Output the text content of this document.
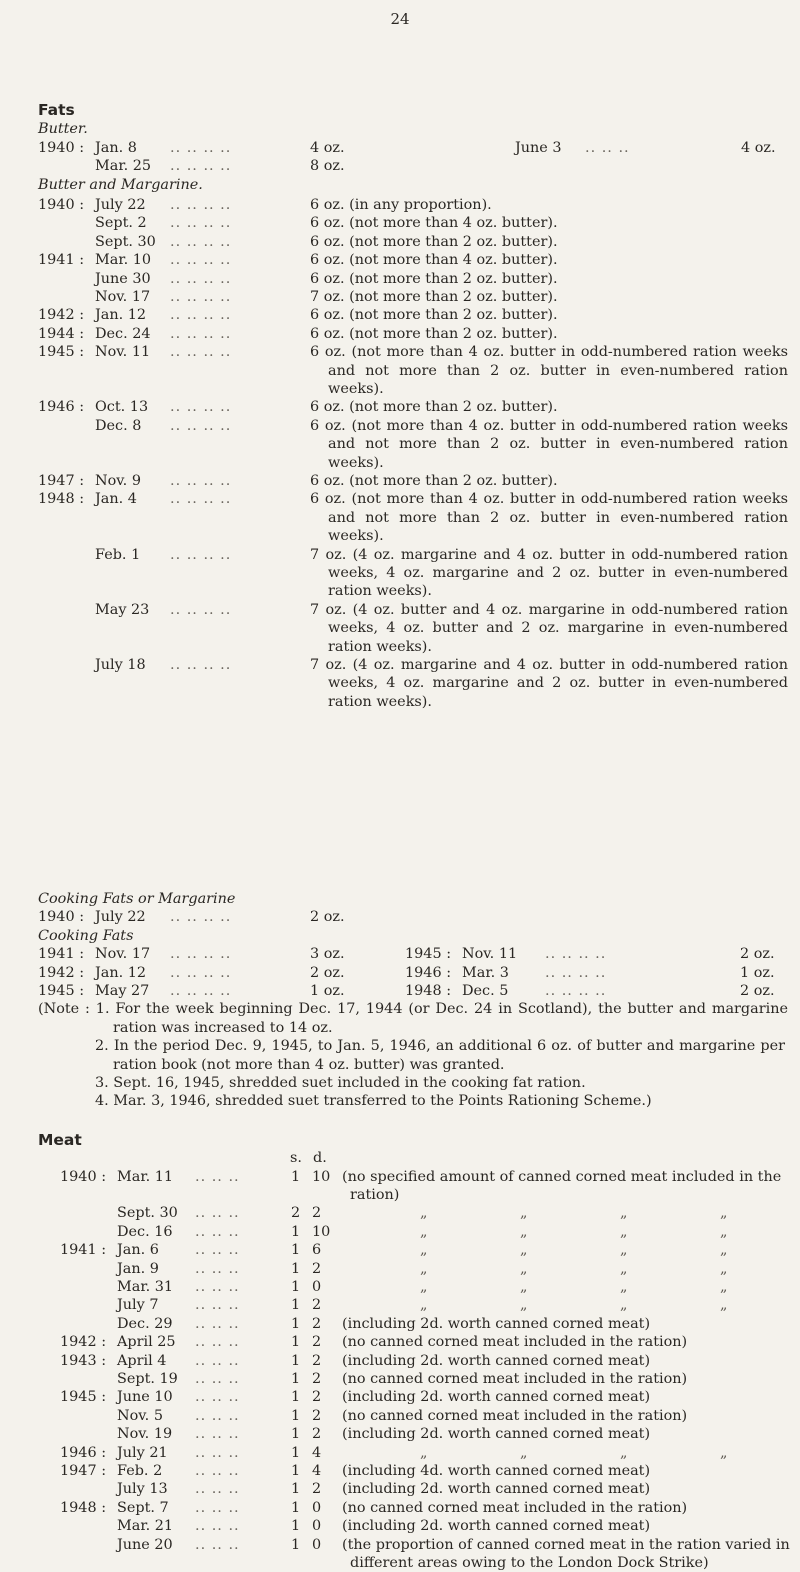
24
Fats
Butter.
1940 : Jan. 8 .. .. .. ..	4 oz.	June 3 .. .. ..	4 oz.
Mar. 25 .. .. .. ..	8 oz.
Butter and Margarine.
1940 : July 22 .. .. .. ..	6 oz. (in any proportion).
Sept. 2 .. .. .. ..	6 oz. (not more than 4 oz. butter).
Sept. 30 .. .. .. ..	6 oz. (not more than 2 oz. butter).
1941 : Mar. 10 .. .. .. ..	6 oz. (not more than 4 oz. butter).
June 30 .. .. .. ..	6 oz. (not more than 2 oz. butter).
Nov. 17 .. .. .. ..	7 oz. (not more than 2 oz. butter).
1942 : Jan. 12 .. .. .. ..	6 oz. (not more than 2 oz. butter).
1944 : Dec. 24 .. .. .. ..	6 oz. (not more than 2 oz. butter).
1945 : Nov. 11 .. .. .. ..	6 oz. (not more than 4 oz. butter in odd-numbered ration weeks and not more than 2 oz. butter in even-numbered ration weeks).
1946 : Oct. 13 .. .. .. ..	6 oz. (not more than 2 oz. butter).
Dec. 8 .. .. .. ..	6 oz. (not more than 4 oz. butter in odd-numbered ration weeks and not more than 2 oz. butter in even-numbered ration weeks).
1947 : Nov. 9 .. .. .. ..	6 oz. (not more than 2 oz. butter).
1948 : Jan. 4 .. .. .. ..	6 oz. (not more than 4 oz. butter in odd-numbered ration weeks and not more than 2 oz. butter in even-numbered ration weeks).
Feb. 1 .. .. .. ..	7 oz. (4 oz. margarine and 4 oz. butter in odd-numbered ration weeks, 4 oz. margarine and 2 oz. butter in even-numbered ration weeks).
May 23 .. .. .. ..	7 oz. (4 oz. butter and 4 oz. margarine in odd-numbered ration weeks, 4 oz. butter and 2 oz. margarine in even-numbered ration weeks).
July 18 .. .. .. ..	7 oz. (4 oz. margarine and 4 oz. butter in odd-numbered ration weeks, 4 oz. margarine and 2 oz. butter in even-numbered ration weeks).
Cooking Fats or Margarine
1940 : July 22 .. .. .. ..	2 oz.
Cooking Fats
1941 : Nov. 17 .. .. .. ..	3 oz.	1945 : Nov. 11 .. .. .. ..	2 oz.
1942 : Jan. 12 .. .. .. ..	2 oz.	1946 : Mar. 3	.. .. .. ..	1 oz.
1945 : May 27 .. .. .. ..	1 oz.	1948 : Dec. 5	.. .. .. ..	2 oz.
(Note : 1. For the week beginning Dec. 17, 1944 (or Dec. 24 in Scotland), the butter and margarine ration was increased to 14 oz.
2. In the period Dec. 9, 1945, to Jan. 5, 1946, an additional 6 oz. of butter and margarine per ration book (not more than 4 oz. butter) was granted.
3. Sept. 16, 1945, shredded suet included in the cooking fat ration.
4. Mar. 3, 1946, shredded suet transferred to the Points Rationing Scheme.)
Meat
s. d.
1940 : Mar. 11 .. .. ..	1 10 (no specified amount of canned corned meat included in the ration)
Sept. 30 .. .. ..	2 2	„	„	„	„
Dec. 16 .. .. ..	1 10	„	„	„	„
1941 : Jan. 6	.. .. ..	1 6	„	„	„	„
Jan. 9	.. .. ..	1 2	„	„	„	„
Mar. 31 .. .. ..	1 0	„	„	„	„
July 7	.. .. ..	1 2	„	„	„	„
Dec. 29 .. .. ..	1 2 (including 2d. worth canned corned meat)
1942 : April 25 .. .. ..	1 2 (no canned corned meat included in the ration)
1943 : April 4 .. .. ..	1 2 (including 2d. worth canned corned meat)
Sept. 19 .. .. ..	1 2 (no canned corned meat included in the ration)
1945 : June 10 .. .. ..	1 2 (including 2d. worth canned corned meat)
Nov. 5 .. .. ..	1 2 (no canned corned meat included in the ration)
Nov. 19 .. .. ..	1 2 (including 2d. worth canned corned meat)
1946 : July 21 .. .. ..	1 4	„	„	„	„
1947 : Feb. 2 .. .. ..	1 4 (including 4d. worth canned corned meat)
July 13 .. .. ..	1 2 (including 2d. worth canned corned meat)
1948 : Sept. 7 .. .. ..	1 0 (no canned corned meat included in the ration)
Mar. 21 .. .. ..	1 0 (including 2d. worth canned corned meat)
June 20 .. .. ..	1 0 (the proportion of canned corned meat in the ration varied in different areas owing to the London Dock Strike)
